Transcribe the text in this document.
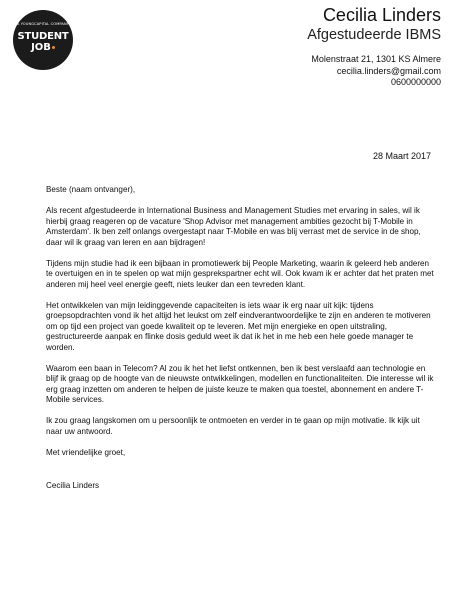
A YOUNGCAPITAL COMPANY
STUDENT
JOB
Cecilia Linders
Afgestudeerde IBMS
Molenstraat 21, 1301 KS Almere
cecilia.linders@gmail.com
0600000000
28 Maart 2017

Beste (naam ontvanger),

Als recent afgestudeerde in International Business and Management Studies met ervaring in sales, wil ik hierbij graag reageren op de vacature 'Shop Advisor met management ambities gezocht bij T-Mobile in Amsterdam'. Ik ben zelf onlangs overgestapt naar T-Mobile en was blij verrast met de service in de shop, daar wil ik graag van leren en aan bijdragen!

Tijdens mijn studie had ik een bijbaan in promotiewerk bij People Marketing, waarin ik geleerd heb anderen te overtuigen en in te spelen op wat mijn gesprekspartner echt wil. Ook kwam ik er achter dat het praten met anderen mij heel veel energie geeft, niets leuker dan een tevreden klant.

Het ontwikkelen van mijn leidinggevende capaciteiten is iets waar ik erg naar uit kijk: tijdens groepsopdrachten vond ik het altijd het leukst om zelf eindverantwoordelijke te zijn en anderen te motiveren om op tijd een project van goede kwaliteit op te leveren. Met mijn energieke en open uitstraling, gestructureerde aanpak en flinke dosis geduld weet ik dat ik het in me heb een hele goede manager te worden.

Waarom een baan in Telecom? Al zou ik het het liefst ontkennen, ben ik best verslaafd aan technologie en blijf ik graag op de hoogte van de nieuwste ontwikkelingen, modellen en functionaliteiten. Die interesse wil ik erg graag inzetten om anderen te helpen de juiste keuze te maken qua toestel, abonnement en andere T-Mobile services.

Ik zou graag langskomen om u persoonlijk te ontmoeten en verder in te gaan op mijn motivatie. Ik kijk uit naar uw antwoord.

Met vriendelijke groet,

Cecilia Linders
